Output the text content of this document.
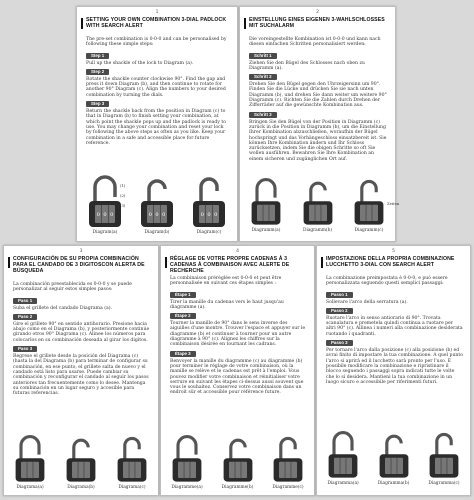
1
SETTING YOUR OWN COMBINATION 3-DIAL PADLOCK WITH SEARCH ALERT
The pre-set combination is 0-0-0 and can be personalised by following these simple steps:
Step 1
Pull up the shackle of the lock to Diagram (a).
Step 2
Rotate the shackle counter clockwise 90°. Find the gap and press it down Diagram (b), and then continue to rotate for another 90° Diagram (c). Align the numbers to your desired combination by turning the dials.
Step 3
Return the shackle back from the position in Diagram (c) to that in Diagram (b) to finish setting your combination, at which point the shackle pops up and the padlock is ready to use. You may change your combination and reset your lock by following the above steps as often as you like. Keep your combination in a safe and accessible place for future reference.
0 0 0
(1)
(2)
(3)
Diagram(a)
0 0 0
Diagram(b)
0 0 0
Diagram(c)
2
EINSTELLUNG EINES EIGENEN 3-WAHLSCHLOSSES MIT SUCHALARM
Die voreingestellte Kombination ist 0-0-0 und kann nach diesen einfachen Schritten personalisiert werden:
Schritt 1
Ziehen Sie den Bügel des Schlosses nach oben zu Diagramm (a).
Schritt 2
Drehen Sie den Bügel gegen den Uhrzeigersinn um 90°. Finden Sie die Lücke und drücken Sie sie nach unten Diagramm (b), und drehen Sie dann weiter um weitere 90° Diagramm (c). Richten Sie die Zahlen durch Drehen der Zifferräder auf die gewünschte Kombination aus.
Schritt 3
Bringen Sie den Bügel von der Position in Diagramm (c) zurück in die Position in Diagramm (b), um die Einstellung Ihrer Kombination abzuschließen, woraufhin der Bügel hochspringt und das Vorhängeschloss einsatzbereit ist. Sie können Ihre Kombination ändern und Ihr Schloss zurücksetzen, indem Sie die obigen Schritte so oft Sie wollen ausführen. Bewahren Sie Ihre Kombination an einem sicheren und zugänglichen Ort auf.
Diagramm(a)	Diagramm(b)
Zeiten
Diagramm(c)
3
CONFIGURACIÓN DE SU PROPIA COMBINACIÓN PARA EL CANDADO DE 3 DIGITOSCON ALERTA DE BÚSQUEDA
La combinación preestablecida es 0-0-0 y se puede personalizar al seguir estos simples pasos:
Paso 1
Suba el grillete del candado Diagrama (a).
Paso 2
Gire el grillete 90° en sentido antihorario. Presione hacia abajo como en el Diagrama (b), y posteriormente continúe girando otros 90° Diagrama (c). Alinee los números para colocarlos en su combinación deseada al girar los dígitos.
Paso 3
Regrese el grillete desde la posición del Diagrama (c) (hasta la del Diagrama (b) para terminar de configurar su combinación, en ese punto, el grillete salta de nuevo y el candado está listo para usarse. Puede cambiar su combinación y reconfigurar el candado al seguir los pasos anteriores tan frecuentemente como lo desee. Mantenga su combinación en un lugar seguro y accesible para futuras referencias.
Diagrama(a)	Diagrama(b)	Diagrama(c)
4
RÉGLAGE DE VOTRE PROPRE CADENAS À 3 CADENAS À COMBINAISON AVEC ALERTE DE RECHERCHE
La combinaison préréglée est 0-0-0 et peut être personnalisée en suivant ces étapes simples :
Étape 1
Tirer la manille du cadenas vers le haut jusqu'au diagramme (a).
Étape 2
Tourner la manille de 90° dans le sens inverse des aiguilles d'une montre. Trouver l'espace et appuyer sur le diagramme (b) et continuer à tourner pour un autre diagramme à 90° (c). Alignez les chiffres sur la combinaison désirée en tournant les cadrans.
Étape 3
Renvoyer la manille du diagramme (c) au diagramme (b) pour terminer le réglage de votre combinaison, où la manille se relève et le cadenas est prêt à l'emploi. Vous pouvez modifier votre combinaison et réinitialiser votre serrure en suivant les étapes ci-dessus aussi souvent que vous le souhaitez. Conservez votre combinaison dans un endroit sûr et accessible pour référence future.
Diagramme(a)	Diagramme(b)	Diagramme(c)
5
IMPOSTAZIONE DELLA PROPRIA COMBINAZIONE LUCCHETTO 3-DIAL CON SEARCH ALERT
La combinazione preimpostata è 0-0-0, e può essere personalizzata seguendo questi semplici passaggi:
Passo 1
Sollevare l'arco della serratura (a).
Passo 2
Ruotare l'arco in senso antiorario di 90°. Trovata scanalatura e premetela quindi continua a ruotare per altri 90° (c). Allinea i numeri alla combinazione desiderata ruotando i quadranti.
Passo 3
Per tornare l'arco dalla posizione (c) alla posizione (b) ed avrai finito di impostare la tua combinazione. A quel punto l'arco si aprirà ed il lucchetto sarà pronto per l'uso. È possibile modificare la combinazione e ripristinare il blocco seguendo i passaggi sopra indicati tutte le volte che lo si desidera. Mantieni la tua combinazione in un luogo sicuro e accessibile per riferimenti futuri.
Diagramma(a)	Diagramma(b)	Diagramma(c)
